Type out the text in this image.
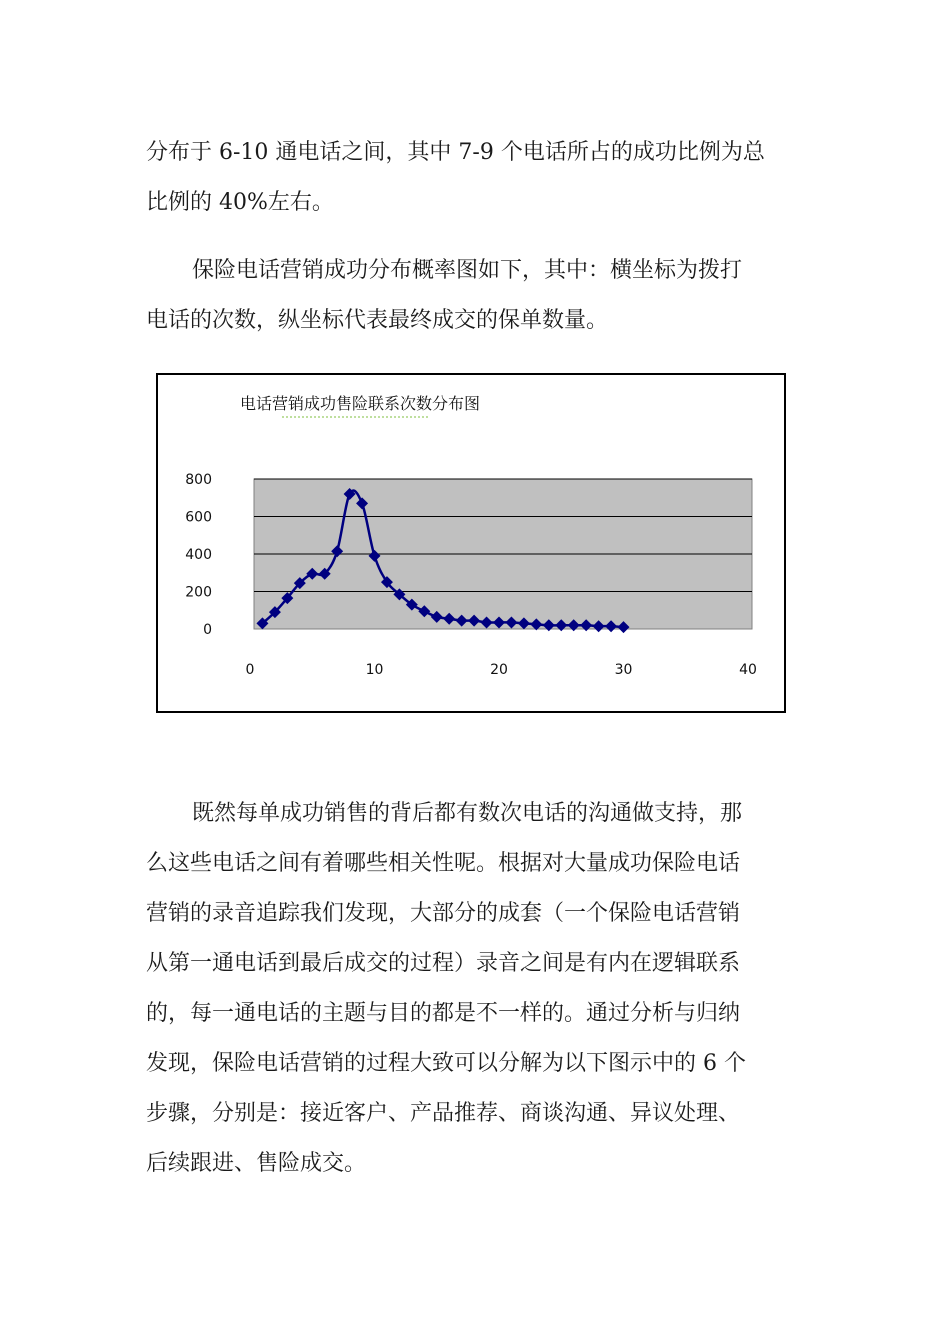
分布于 6-10 通电话之间，其中 7-9 个电话所占的成功比例为总
比例的 40%左右。
保险电话营销成功分布概率图如下，其中：横坐标为拨打
电话的次数，纵坐标代表最终成交的保单数量。
电话营销成功售险联系次数分布图
0
200
400
600
800
0	10	20	30	40
既然每单成功销售的背后都有数次电话的沟通做支持，那
么这些电话之间有着哪些相关性呢。根据对大量成功保险电话
营销的录音追踪我们发现，大部分的成套（一个保险电话营销
从第一通电话到最后成交的过程）录音之间是有内在逻辑联系
的，每一通电话的主题与目的都是不一样的。通过分析与归纳
发现，保险电话营销的过程大致可以分解为以下图示中的 6 个
步骤，分别是：接近客户、产品推荐、商谈沟通、异议处理、
后续跟进、售险成交。
